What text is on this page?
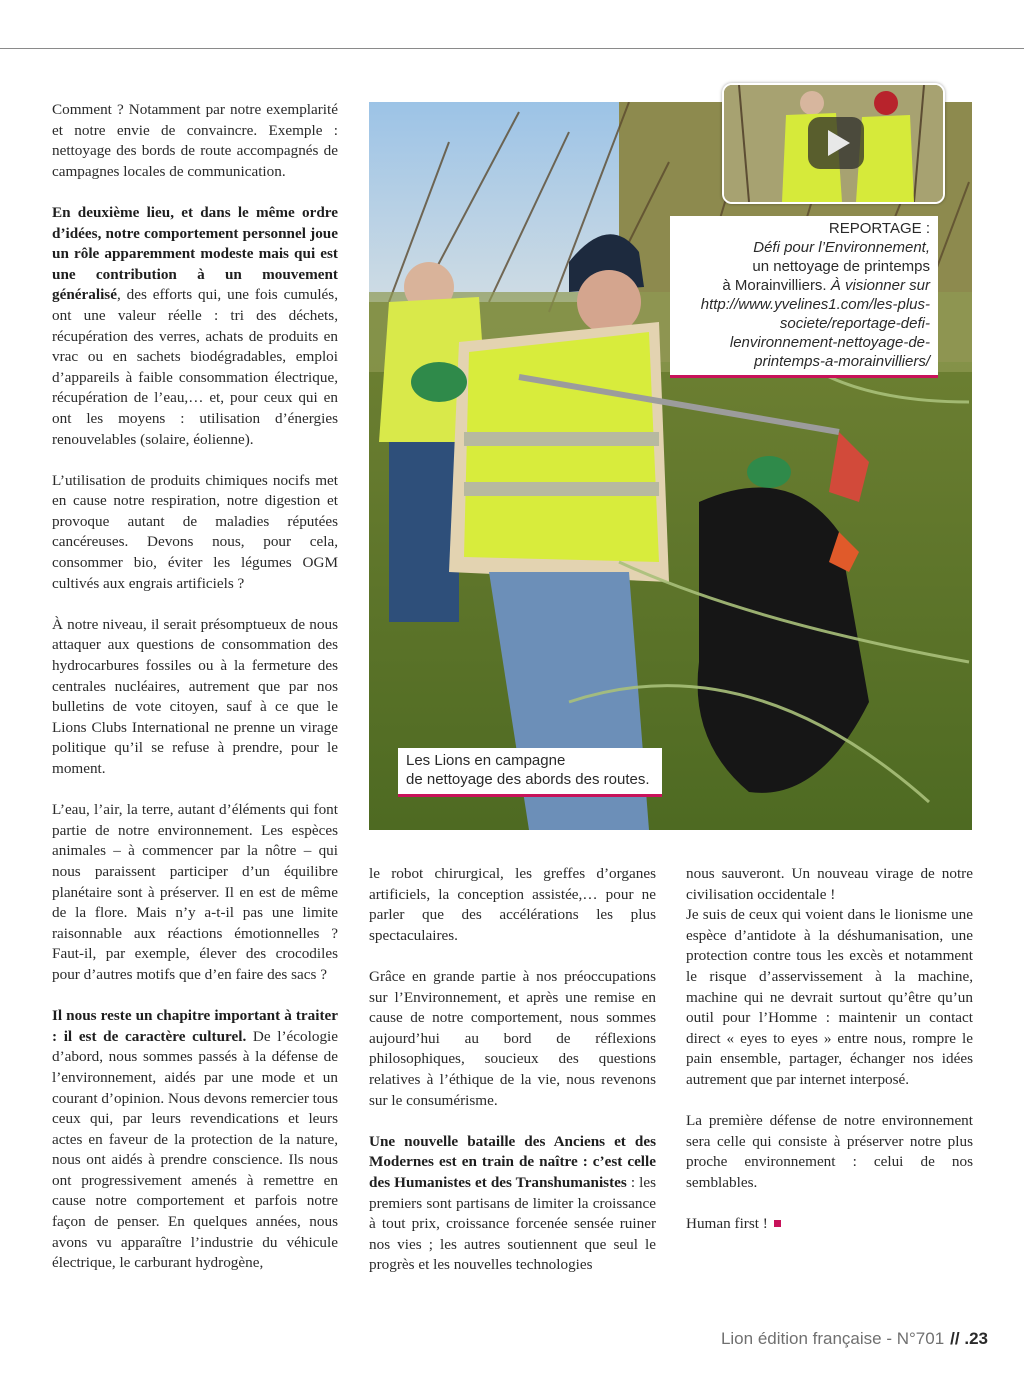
Comment ? Notamment par notre exemplarité et notre envie de convaincre. Exemple : nettoyage des bords de route accompagnés de campagnes locales de communication.

En deuxième lieu, et dans le même ordre d’idées, notre comportement personnel joue un rôle apparemment modeste mais qui est une contribution à un mouvement généralisé, des efforts qui, une fois cumulés, ont une valeur réelle : tri des déchets, récupération des verres, achats de produits en vrac ou en sachets biodégradables, emploi d’appareils à faible consommation électrique, récupération de l’eau,… et, pour ceux qui en ont les moyens : utilisation d’énergies renouvelables (solaire, éolienne).

L’utilisation de produits chimiques nocifs met en cause notre respiration, notre digestion et provoque autant de maladies réputées cancéreuses. Devons nous, pour cela, consommer bio, éviter les légumes OGM cultivés aux engrais artificiels ?

À notre niveau, il serait présomptueux de nous attaquer aux questions de consommation des hydrocarbures fossiles ou à la fermeture des centrales nucléaires, autrement que par nos bulletins de vote citoyen, sauf à ce que le Lions Clubs International ne prenne un virage politique qu’il se refuse à prendre, pour le moment.

L’eau, l’air, la terre, autant d’éléments qui font partie de notre environnement. Les espèces animales – à commencer par la nôtre – qui nous paraissent participer d’un équilibre planétaire sont à préserver. Il en est de même de la flore. Mais n’y a-t-il pas une limite raisonnable aux réactions émotionnelles ? Faut-il, par exemple, élever des crocodiles pour d’autres motifs que d’en faire des sacs ?

Il nous reste un chapitre important à traiter : il est de caractère culturel. De l’écologie d’abord, nous sommes passés à la défense de l’environnement, aidés par une mode et un courant d’opinion. Nous devons remercier tous ceux qui, par leurs revendications et leurs actes en faveur de la protection de la nature, nous ont aidés à prendre conscience. Ils nous ont progressivement amenés à remettre en cause notre comportement et parfois notre façon de penser. En quelques années, nous avons vu apparaître l’industrie du véhicule électrique, le carburant hydrogène,

REPORTAGE :
Défi pour l’Environnement,
un nettoyage de printemps
à Morainvilliers. À visionner sur
http://www.yvelines1.com/les-plus-
societe/reportage-defi-
lenvironnement-nettoyage-de-
printemps-a-morainvilliers/
Les Lions en campagne
de nettoyage des abords des routes.

le robot chirurgical, les greffes d’organes artificiels, la conception assistée,… pour ne parler que des accélérations les plus spectaculaires.

Grâce en grande partie à nos préoccupations sur l’Environnement, et après une remise en cause de notre comportement, nous sommes aujourd’hui au bord de réflexions philosophiques, soucieux des questions relatives à l’éthique de la vie, nous revenons sur le consumérisme.

Une nouvelle bataille des Anciens et des Modernes est en train de naître : c’est celle des Humanistes et des Transhumanistes : les premiers sont partisans de limiter la croissance à tout prix, croissance forcenée sensée ruiner nos vies ; les autres soutiennent que seul le progrès et les nouvelles technologies

nous sauveront. Un nouveau virage de notre civilisation occidentale !
Je suis de ceux qui voient dans le lionisme une espèce d’antidote à la déshumanisation, une protection contre tous les excès et notamment le risque d’asservissement à la machine, machine qui ne devrait surtout qu’être qu’un outil pour l’Homme : maintenir un contact direct « eyes to eyes » entre nous, rompre le pain ensemble, partager, échanger nos idées autrement que par internet interposé.

La première défense de notre environnement sera celle qui consiste à préserver notre plus proche environnement : celui de nos semblables.

Human first !

Lion édition française - N°701 // .23
